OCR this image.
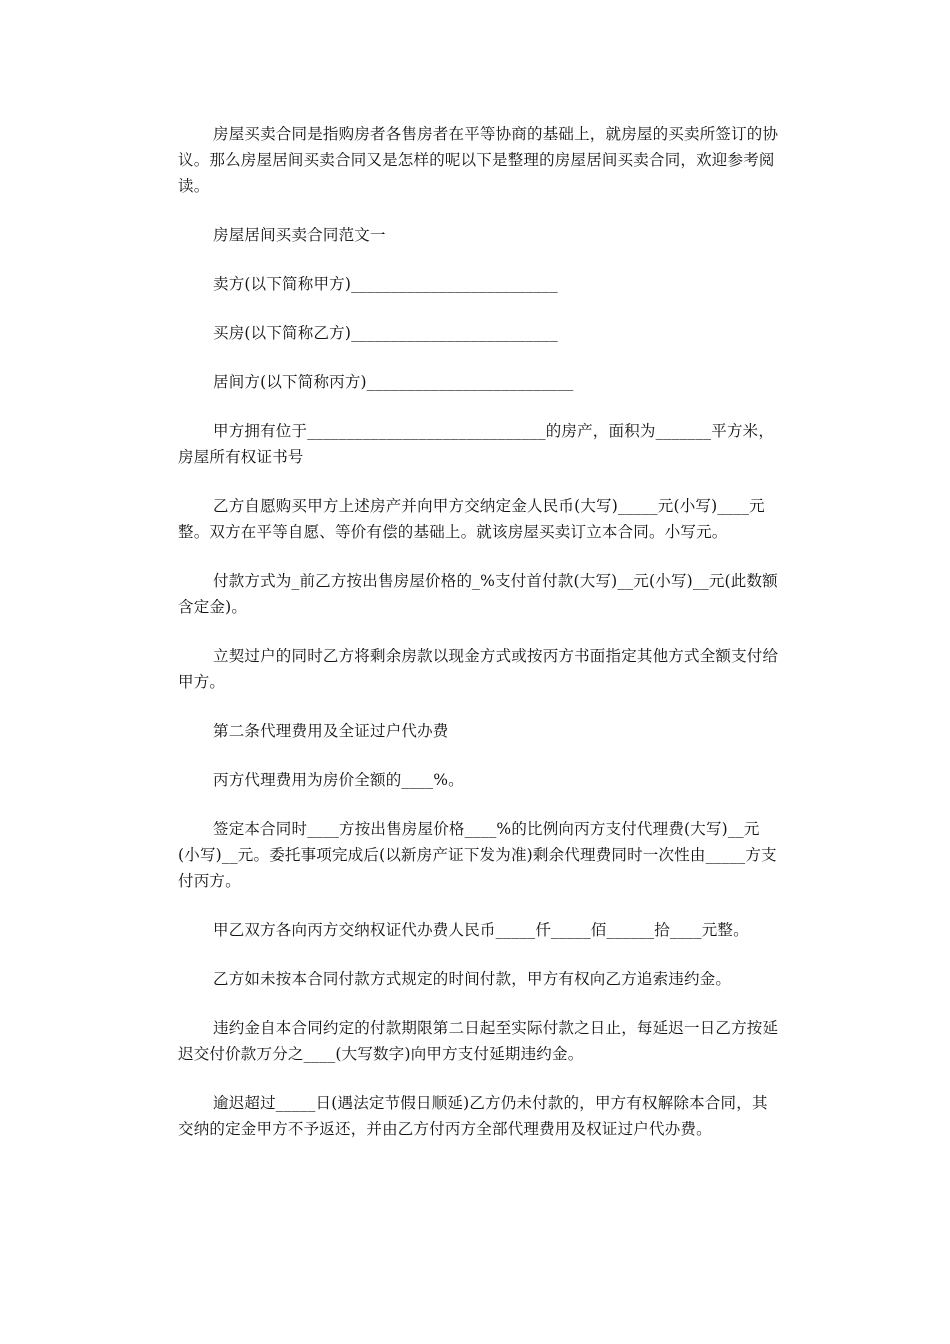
房屋买卖合同是指购房者各售房者在平等协商的基础上，就房屋的买卖所签订的协议。那么房屋居间买卖合同又是怎样的呢以下是整理的房屋居间买卖合同，欢迎参考阅读。

房屋居间买卖合同范文一

卖方(以下简称甲方)__________________________

买房(以下简称乙方)__________________________

居间方(以下简称丙方)__________________________

甲方拥有位于______________________________的房产，面积为_______平方米，房屋所有权证书号

乙方自愿购买甲方上述房产并向甲方交纳定金人民币(大写)_____元(小写)____元整。双方在平等自愿、等价有偿的基础上。就该房屋买卖订立本合同。小写元。

付款方式为_前乙方按出售房屋价格的_%支付首付款(大写)__元(小写)__元(此数额含定金)。

立契过户的同时乙方将剩余房款以现金方式或按丙方书面指定其他方式全额支付给甲方。

第二条代理费用及全证过户代办费

丙方代理费用为房价全额的____%。

签定本合同时____方按出售房屋价格____%的比例向丙方支付代理费(大写)__元(小写)__元。委托事项完成后(以新房产证下发为准)剩余代理费同时一次性由_____方支付丙方。

甲乙双方各向丙方交纳权证代办费人民币_____仟_____佰______拾____元整。

乙方如未按本合同付款方式规定的时间付款，甲方有权向乙方追索违约金。

违约金自本合同约定的付款期限第二日起至实际付款之日止，每延迟一日乙方按延迟交付价款万分之____(大写数字)向甲方支付延期违约金。

逾迟超过_____日(遇法定节假日顺延)乙方仍未付款的，甲方有权解除本合同，其交纳的定金甲方不予返还，并由乙方付丙方全部代理费用及权证过户代办费。
